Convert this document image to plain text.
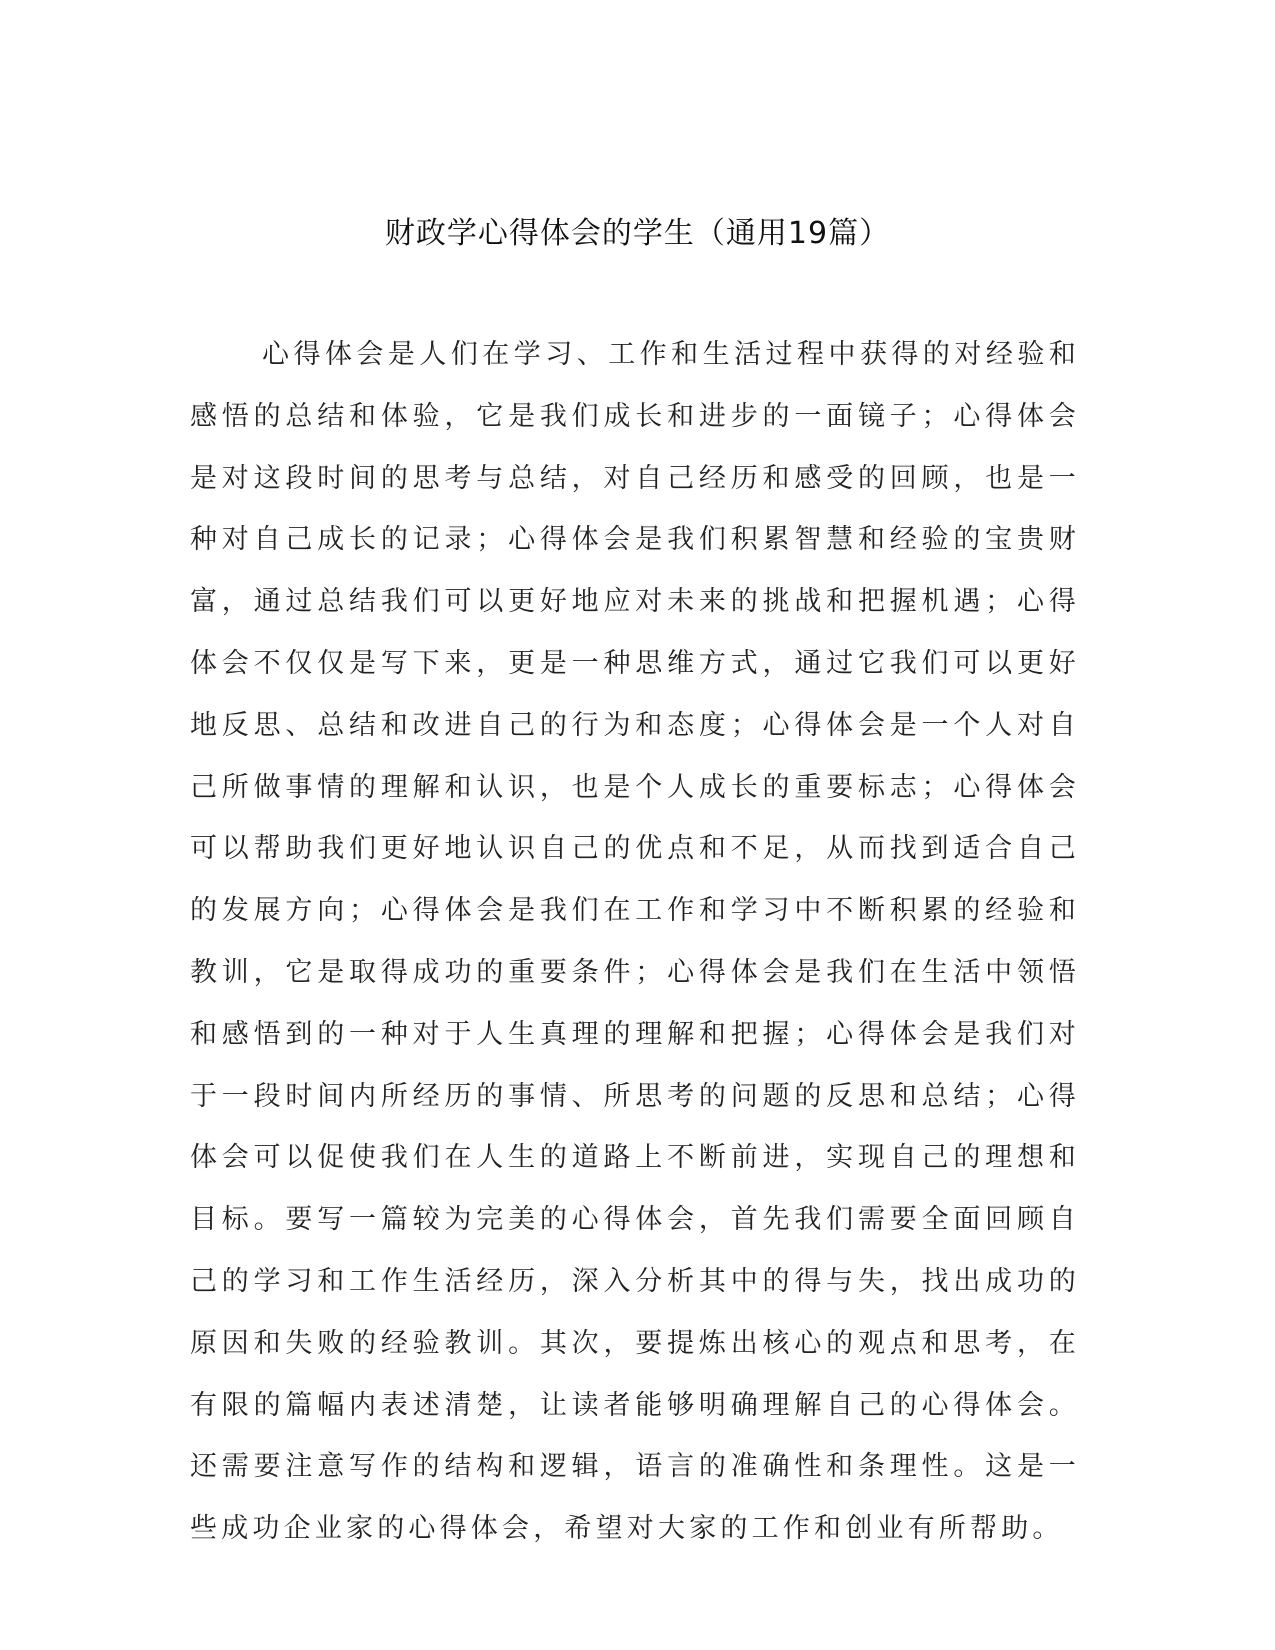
财政学心得体会的学生（通用19篇）

心得体会是人们在学习、工作和生活过程中获得的对经验和感悟的总结和体验，它是我们成长和进步的一面镜子；心得体会是对这段时间的思考与总结，对自己经历和感受的回顾，也是一种对自己成长的记录；心得体会是我们积累智慧和经验的宝贵财富，通过总结我们可以更好地应对未来的挑战和把握机遇；心得体会不仅仅是写下来，更是一种思维方式，通过它我们可以更好地反思、总结和改进自己的行为和态度；心得体会是一个人对自己所做事情的理解和认识，也是个人成长的重要标志；心得体会可以帮助我们更好地认识自己的优点和不足，从而找到适合自己的发展方向；心得体会是我们在工作和学习中不断积累的经验和教训，它是取得成功的重要条件；心得体会是我们在生活中领悟和感悟到的一种对于人生真理的理解和把握；心得体会是我们对于一段时间内所经历的事情、所思考的问题的反思和总结；心得体会可以促使我们在人生的道路上不断前进，实现自己的理想和目标。要写一篇较为完美的心得体会，首先我们需要全面回顾自己的学习和工作生活经历，深入分析其中的得与失，找出成功的原因和失败的经验教训。其次，要提炼出核心的观点和思考，在有限的篇幅内表述清楚，让读者能够明确理解自己的心得体会。还需要注意写作的结构和逻辑，语言的准确性和条理性。这是一些成功企业家的心得体会，希望对大家的工作和创业有所帮助。
